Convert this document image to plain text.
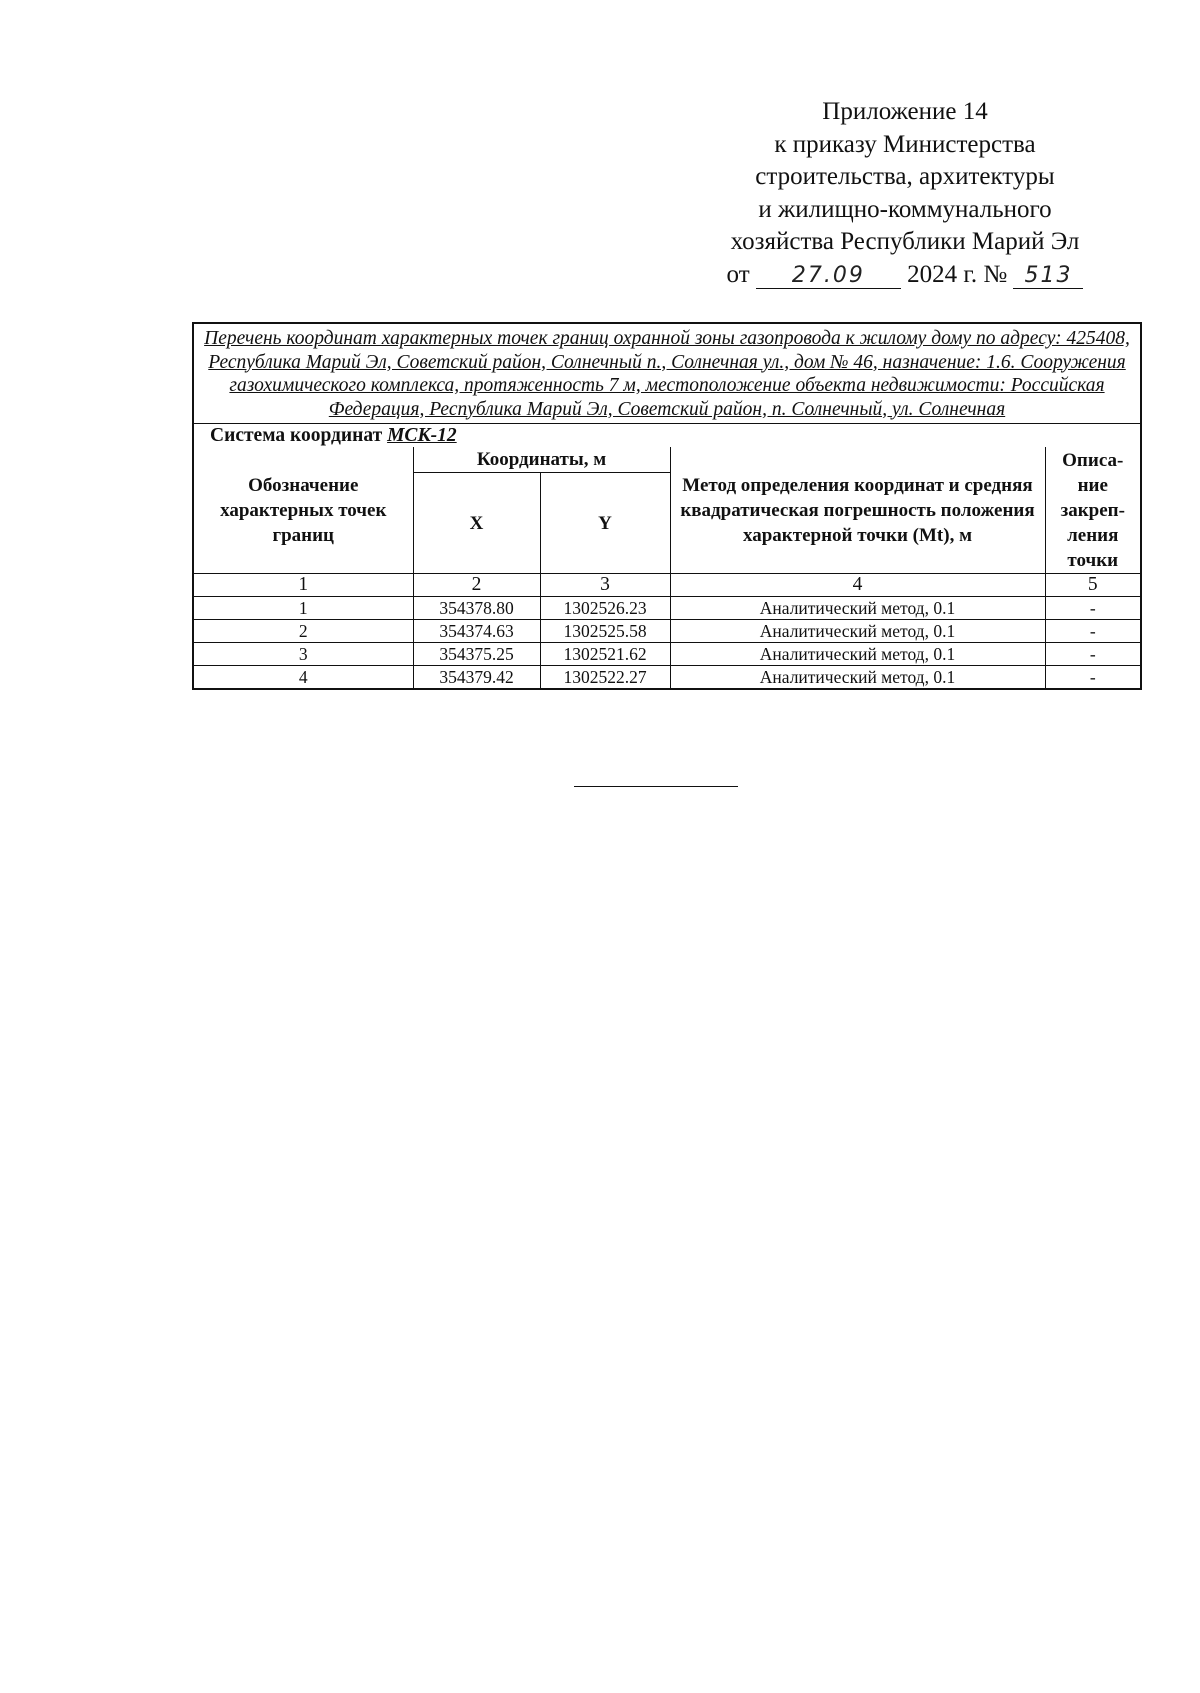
Приложение 14
к приказу Министерства
строительства, архитектуры
и жилищно-коммунального
хозяйства Республики Марий Эл
от 27.09 2024 г. № 513
Перечень координат характерных точек границ охранной зоны газопровода к жилому дому по адресу: 425408, Республика Марий Эл, Советский район, Солнечный п., Солнечная ул., дом № 46, назначение: 1.6. Сооружения газохимического комплекса, протяженность 7 м, местоположение объекта недвижимости: Российская Федерация, Республика Марий Эл, Советский район, п. Солнечный, ул. Солнечная
Система координат МСК-12
Обозначение характерных точек границ	Координаты, м		Метод определения координат и средняя квадратическая погрешность положения характерной точки (Mt), м	Описа-ние закреп-ления точки
	X	Y		
1	2	3	4	5
1	354378.80	1302526.23	Аналитический метод, 0.1	-
2	354374.63	1302525.58	Аналитический метод, 0.1	-
3	354375.25	1302521.62	Аналитический метод, 0.1	-
4	354379.42	1302522.27	Аналитический метод, 0.1	-
